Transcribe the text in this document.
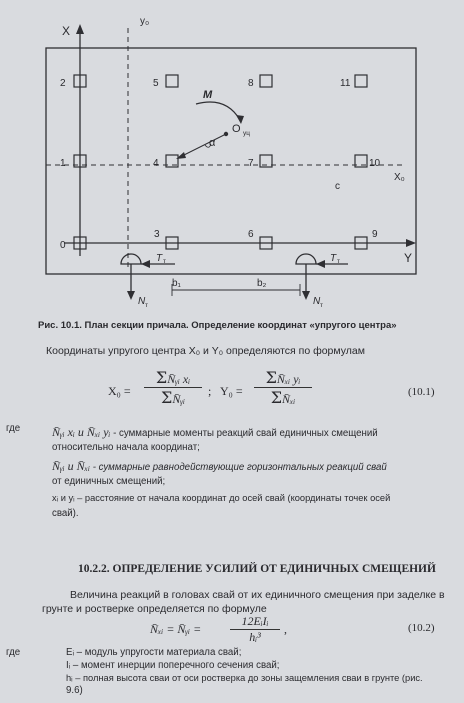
X
y₀
Y
X₀
0
1
2
3
4
5
6
7
8
9
10
11
M
O уц
α
c
T т	T т
N т	N т
b₁	b₂
Рис. 10.1. План секции причала. Определение координат «упругого центра»
Координаты упругого центра X₀ и Y₀ определяются по формулам
$X_0 = \frac{\text{ΣN̄ᵧᵢ xᵢ}}{\text{ΣN̄ᵧᵢ}}$ ; $Y_0 = \frac{\text{ΣN̄ₓᵢ yᵢ}}{\text{ΣN̄ₓᵢ}}$	(10.1)
где	N̄ᵧᵢ xᵢ и N̄ₓᵢ yᵢ - суммарные моменты реакций свай единичных смещений
относительно начала координат;
N̄ᵧᵢ и N̄ₓᵢ - суммарные равнодействующие горизонтальных реакций свай
от единичных смещений;
xᵢ и yᵢ – расстояние от начала координат до осей свай (координаты точек осей
свай).
10.2.2. ОПРЕДЕЛЕНИЕ УСИЛИЙ ОТ ЕДИНИЧНЫХ СМЕЩЕНИЙ
Величина реакций в головах свай от их единичного смещения при заделке в
грунте и ростверке определяется по формуле
N̄ₓᵢ = N̄ᵧᵢ =
12EᵢIᵢ
hᵢ³
,	(10.2)
где	Eᵢ – модуль упругости материала свай;
Iᵢ – момент инерции поперечного сечения свай;
hᵢ – полная высота сваи от оси ростверка до зоны защемления сваи в грунте (рис.
9.6)
